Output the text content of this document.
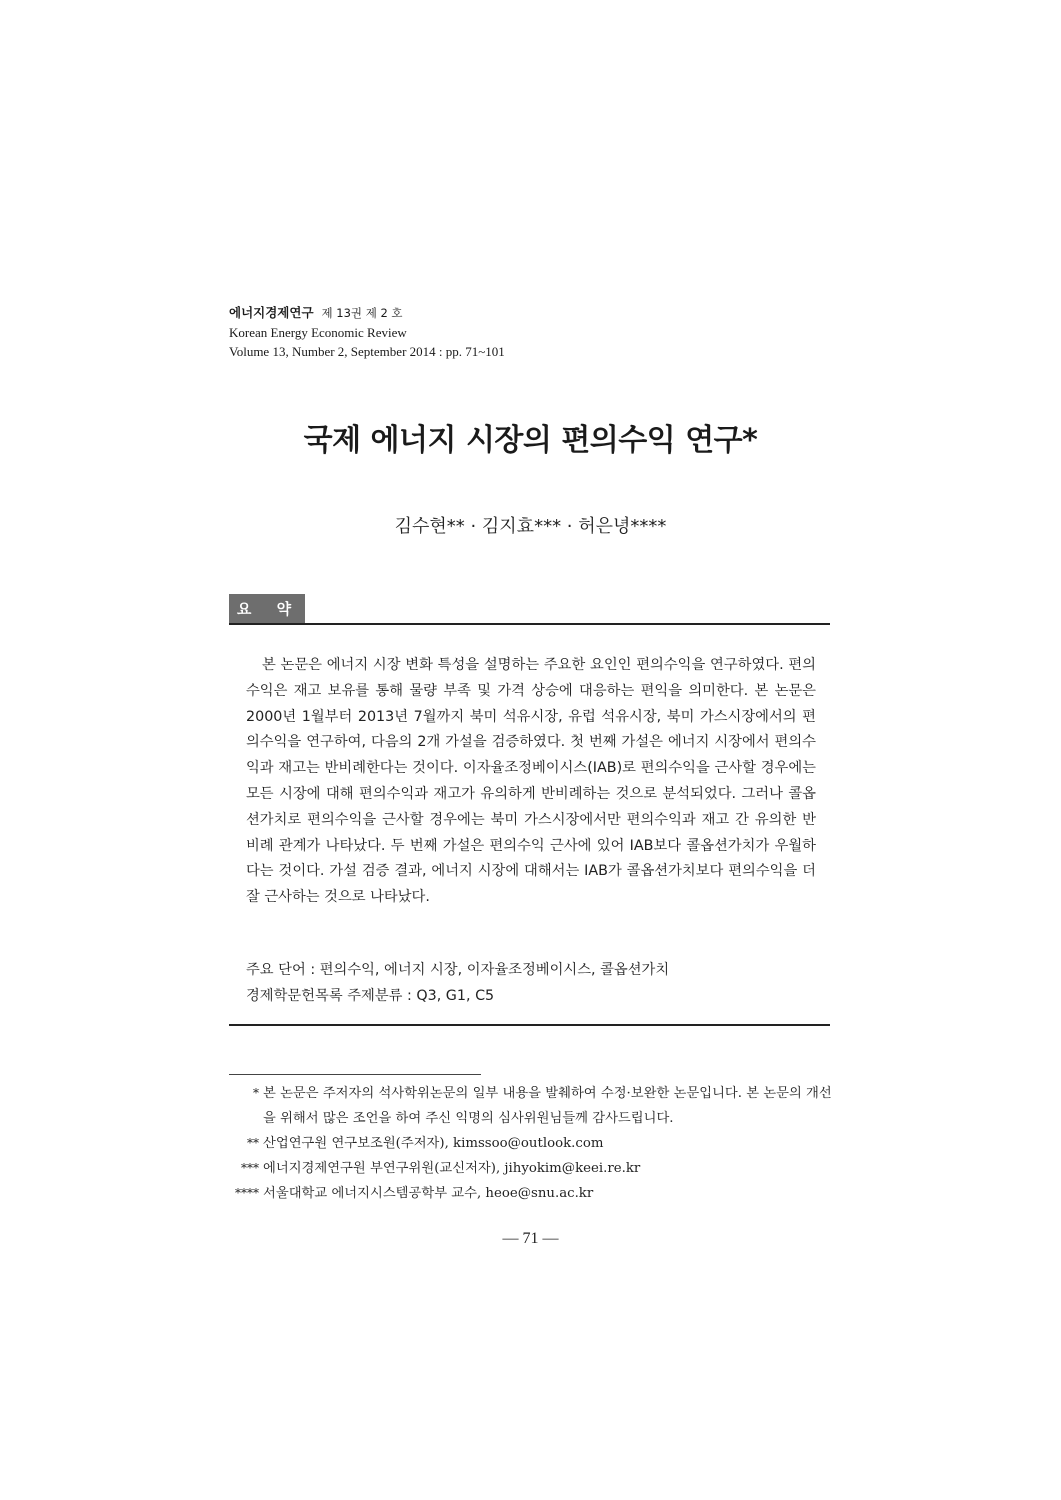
에너지경제연구 제 13권 제 2 호
Korean Energy Economic Review
Volume 13, Number 2, September 2014 : pp. 71~101
국제 에너지 시장의 편의수익 연구*
김수현** · 김지효*** · 허은녕****
요 약

본 논문은 에너지 시장 변화 특성을 설명하는 주요한 요인인 편의수익을 연구하였다. 편의수익은 재고 보유를 통해 물량 부족 및 가격 상승에 대응하는 편익을 의미한다. 본 논문은 2000년 1월부터 2013년 7월까지 북미 석유시장, 유럽 석유시장, 북미 가스시장에서의 편의수익을 연구하여, 다음의 2개 가설을 검증하였다. 첫 번째 가설은 에너지 시장에서 편의수익과 재고는 반비례한다는 것이다. 이자율조정베이시스(IAB)로 편의수익을 근사할 경우에는 모든 시장에 대해 편의수익과 재고가 유의하게 반비례하는 것으로 분석되었다. 그러나 콜옵션가치로 편의수익을 근사할 경우에는 북미 가스시장에서만 편의수익과 재고 간 유의한 반비례 관계가 나타났다. 두 번째 가설은 편의수익 근사에 있어 IAB보다 콜옵션가치가 우월하다는 것이다. 가설 검증 결과, 에너지 시장에 대해서는 IAB가 콜옵션가치보다 편의수익을 더 잘 근사하는 것으로 나타났다.

주요 단어 : 편의수익, 에너지 시장, 이자율조정베이시스, 콜옵션가치
경제학문헌목록 주제분류 : Q3, G1, C5
* 본 논문은 주저자의 석사학위논문의 일부 내용을 발췌하여 수정·보완한 논문입니다. 본 논문의 개선을 위해서 많은 조언을 하여 주신 익명의 심사위원님들께 감사드립니다.
** 산업연구원 연구보조원(주저자), kimssoo@outlook.com
*** 에너지경제연구원 부연구위원(교신저자), jihyokim@keei.re.kr
**** 서울대학교 에너지시스템공학부 교수, heoe@snu.ac.kr
— 71 —
